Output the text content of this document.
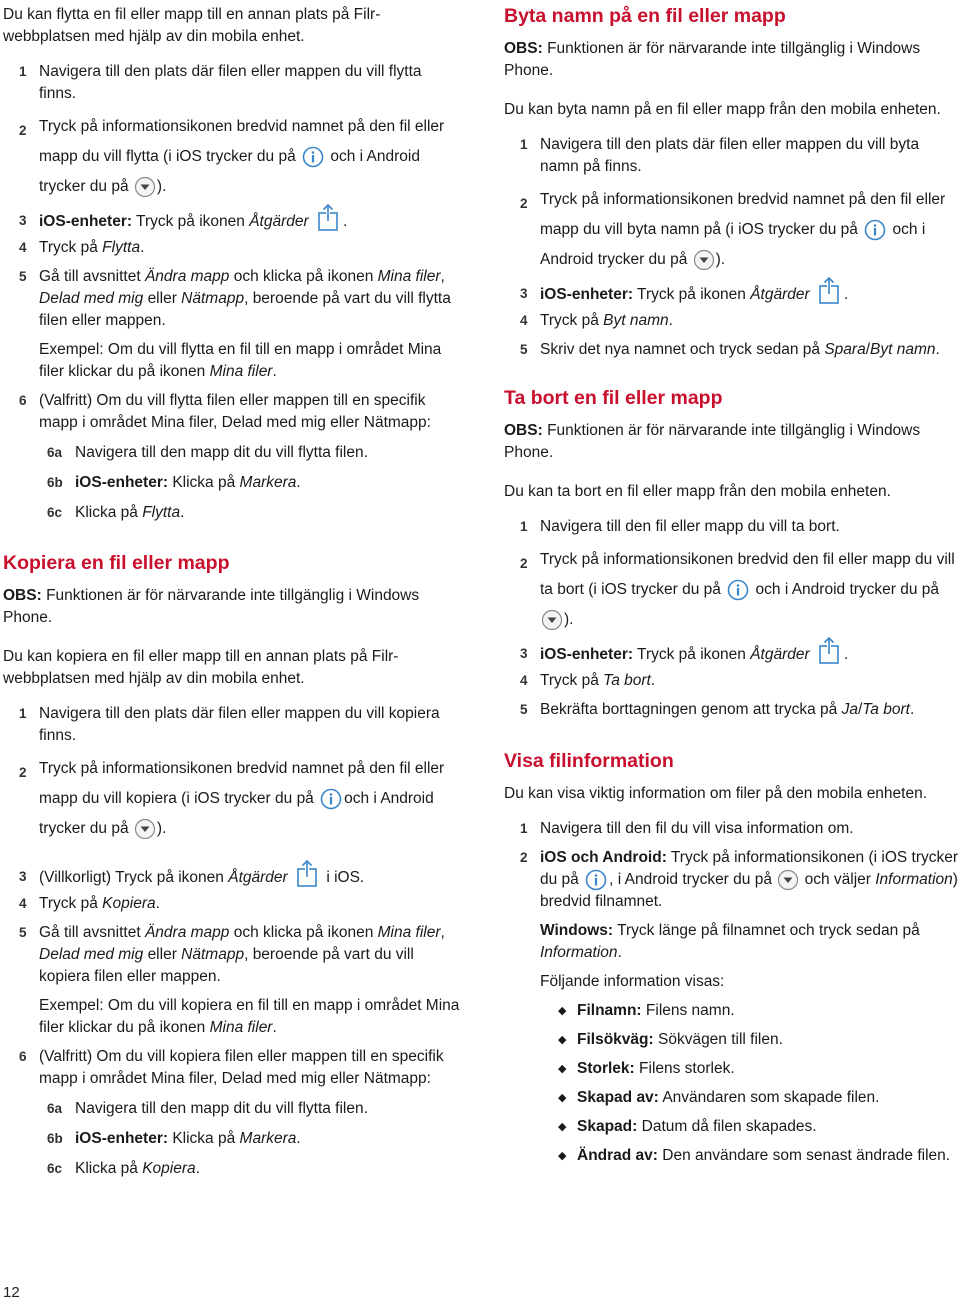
Du kan flytta en fil eller mapp till en annan plats på Filr-webbplatsen med hjälp av din mobila enhet.

1 Navigera till den plats där filen eller mappen du vill flytta finns.
2 Tryck på informationsikonen bredvid namnet på den fil eller mapp du vill flytta (i iOS trycker du på och i Android trycker du på ).
3 iOS-enheter: Tryck på ikonen Åtgärder .
4 Tryck på Flytta.
5 Gå till avsnittet Ändra mapp och klicka på ikonen Mina filer, Delad med mig eller Nätmapp, beroende på vart du vill flytta filen eller mappen.
Exempel: Om du vill flytta en fil till en mapp i området Mina filer klickar du på ikonen Mina filer.
6 (Valfritt) Om du vill flytta filen eller mappen till en specifik mapp i området Mina filer, Delad med mig eller Nätmapp:
6a Navigera till den mapp dit du vill flytta filen.
6b iOS-enheter: Klicka på Markera.
6c Klicka på Flytta.
Kopiera en fil eller mapp

OBS: Funktionen är för närvarande inte tillgänglig i Windows Phone.

Du kan kopiera en fil eller mapp till en annan plats på Filr-webbplatsen med hjälp av din mobila enhet.

1 Navigera till den plats där filen eller mappen du vill kopiera finns.
2 Tryck på informationsikonen bredvid namnet på den fil eller mapp du vill kopiera (i iOS trycker du på och i Android trycker du på ).
3 (Villkorligt) Tryck på ikonen Åtgärder i iOS.
4 Tryck på Kopiera.
5 Gå till avsnittet Ändra mapp och klicka på ikonen Mina filer, Delad med mig eller Nätmapp, beroende på vart du vill kopiera filen eller mappen.
Exempel: Om du vill kopiera en fil till en mapp i området Mina filer klickar du på ikonen Mina filer.
6 (Valfritt) Om du vill kopiera filen eller mappen till en specifik mapp i området Mina filer, Delad med mig eller Nätmapp:
6a Navigera till den mapp dit du vill flytta filen.
6b iOS-enheter: Klicka på Markera.
6c Klicka på Kopiera.
Byta namn på en fil eller mapp

OBS: Funktionen är för närvarande inte tillgänglig i Windows Phone.

Du kan byta namn på en fil eller mapp från den mobila enheten.

1 Navigera till den plats där filen eller mappen du vill byta namn på finns.
2 Tryck på informationsikonen bredvid namnet på den fil eller mapp du vill byta namn på (i iOS trycker du på och i Android trycker du på ).
3 iOS-enheter: Tryck på ikonen Åtgärder .
4 Tryck på Byt namn.
5 Skriv det nya namnet och tryck sedan på Spara/Byt namn.
Ta bort en fil eller mapp

OBS: Funktionen är för närvarande inte tillgänglig i Windows Phone.

Du kan ta bort en fil eller mapp från den mobila enheten.

1 Navigera till den fil eller mapp du vill ta bort.
2 Tryck på informationsikonen bredvid den fil eller mapp du vill ta bort (i iOS trycker du på och i Android trycker du på ).
3 iOS-enheter: Tryck på ikonen Åtgärder .
4 Tryck på Ta bort.
5 Bekräfta borttagningen genom att trycka på Ja/Ta bort.
Visa filinformation

Du kan visa viktig information om filer på den mobila enheten.

1 Navigera till den fil du vill visa information om.
2 iOS och Android: Tryck på informationsikonen (i iOS trycker du på , i Android trycker du på och väljer Information) bredvid filnamnet.
Windows: Tryck länge på filnamnet och tryck sedan på Information.
Följande information visas:
◆ Filnamn: Filens namn.
◆ Filsökväg: Sökvägen till filen.
◆ Storlek: Filens storlek.
◆ Skapad av: Användaren som skapade filen.
◆ Skapad: Datum då filen skapades.
◆ Ändrad av: Den användare som senast ändrade filen.
12
